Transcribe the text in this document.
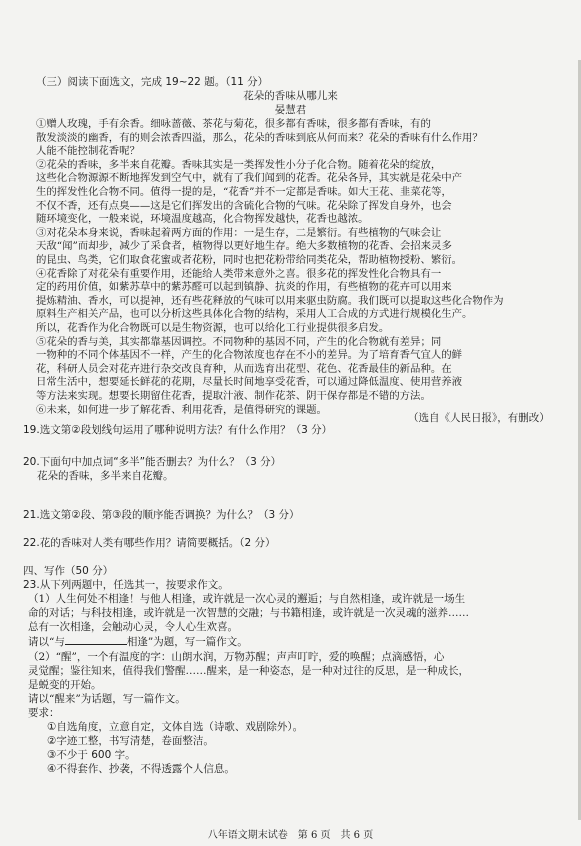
（三）阅读下面选文，完成 19~22 题。（11 分）
花朵的香味从哪儿来
晏慧君
①赠人玫瑰，手有余香。细咏蔷薇、茶花与菊花，很多都有香味，很多都有香味，有的
散发淡淡的幽香，有的则会浓香四溢，那么，花朵的香味到底从何而来？花朵的香味有什么作用？
人能不能控制花香呢？
②花朵的香味，多半来自花瓣。香味其实是一类挥发性小分子化合物。随着花朵的绽放，
这些化合物源源不断地挥发到空气中，就有了我们闻到的花香。花朵各异，其实就是花朵中产
生的挥发性化合物不同。值得一提的是，“花香”并不一定都是香味。如大王花、韭菜花等，
不仅不香，还有点臭——这是它们挥发出的含硫化合物的气味。花朵除了挥发自身外，也会
随环境变化，一般来说，环境温度越高，化合物挥发越快，花香也越浓。
③对花朵本身来说，香味起着两方面的作用：一是生存，二是繁衍。有些植物的气味会让
天敌“闻”而却步，减少了采食者，植物得以更好地生存。绝大多数植物的花香、会招来灵多
的昆虫、鸟类，它们取食花蜜或者花粉，同时也把花粉带给同类花朵，帮助植物授粉、繁衍。
④花香除了对花朵有重要作用，还能给人类带来意外之喜。很多花的挥发性化合物具有一
定的药用价值，如紫苏草中的紫苏醛可以起到镇静、抗炎的作用，有些植物的花卉可以用来
提炼精油、香水，可以提神，还有些花释放的气味可以用来驱虫防腐。我们既可以提取这些化合物作为
原料生产相关产品，也可以分析这些具体化合物的结构，采用人工合成的方式进行规模化生产。
所以，花香作为化合物既可以是生物资源，也可以给化工行业提供很多启发。
⑤花朵的香与美，其实都靠基因调控。不同物种的基因不同，产生的化合物就有差异；同
一物种的不同个体基因不一样，产生的化合物浓度也存在不小的差异。为了培育香气宜人的鲜
花，科研人员会对花卉进行杂交改良育种，从而选育出花型、花色、花香最佳的新品种。在
日常生活中，想要延长鲜花的花期，尽量长时间地享受花香，可以通过降低温度、使用营养液
等方法来实现。想要长期留住花香，提取汁液、制作花茶、阴干保存都是不错的方法。
⑥未来，如何进一步了解花香、利用花香，是值得研究的课题。
（选自《人民日报》，有删改）
19.选文第②段划线句运用了哪种说明方法？有什么作用？（3 分）
20.下面句中加点词“多半”能否删去？为什么？（3 分）
花朵的香味，多半来自花瓣。
21.选文第②段、第③段的顺序能否调换？为什么？（3 分）
22.花的香味对人类有哪些作用？请简要概括。（2 分）
四、写作（50 分）
23.从下列两题中，任选其一，按要求作文。
（1）人生何处不相逢！与他人相逢，或许就是一次心灵的邂逅；与自然相逢，或许就是一场生
命的对话；与科技相逢，或许就是一次智慧的交融；与书籍相逢，或许就是一次灵魂的滋养……
总有一次相逢，会触动心灵，令人心生欢喜。
请以“与	相逢”为题，写一篇作文。
（2）“醒”，一个有温度的字：山朗水润，万物苏醒；声声叮咛，爱的唤醒；点滴感悟，心
灵觉醒；鉴往知来，值得我们警醒……醒来，是一种姿态，是一种对过往的反思，是一种成长，
是蜕变的开始。
请以“醒来”为话题，写一篇作文。
要求：
①自选角度，立意自定，文体自选（诗歌、戏剧除外）。
②字迹工整，书写清楚，卷面整洁。
③不少于 600 字。
④不得套作、抄袭，不得透露个人信息。
八年语文期末试卷　第 6 页　共 6 页
